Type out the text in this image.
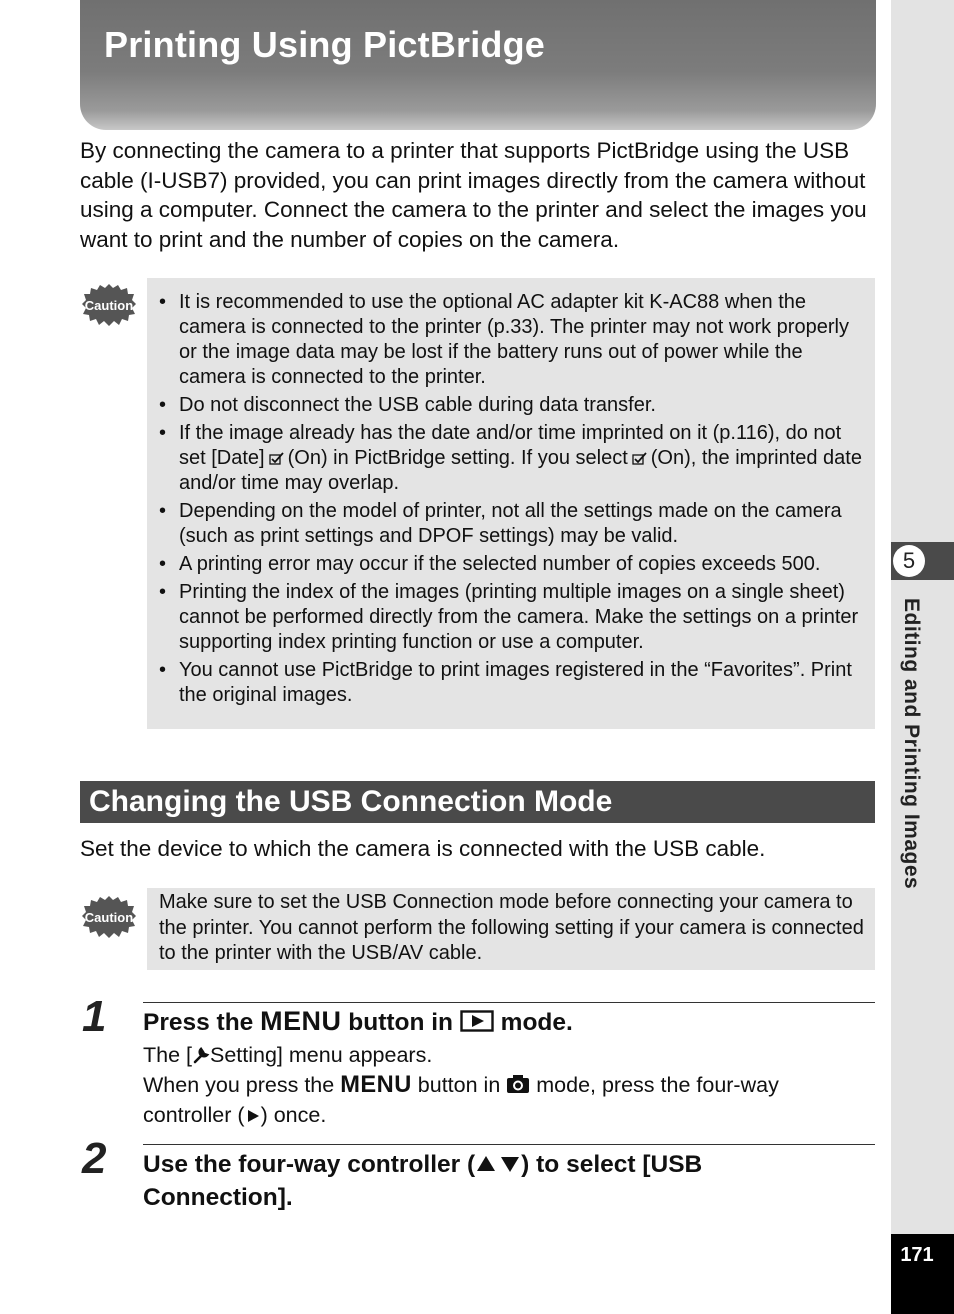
Printing Using PictBridge

By connecting the camera to a printer that supports PictBridge using the USB cable (I-USB7) provided, you can print images directly from the camera without using a computer. Connect the camera to the printer and select the images you want to print and the number of copies on the camera.

Caution
• It is recommended to use the optional AC adapter kit K-AC88 when the camera is connected to the printer (p.33). The printer may not work properly or the image data may be lost if the battery runs out of power while the camera is connected to the printer.
• Do not disconnect the USB cable during data transfer.
• If the image already has the date and/or time imprinted on it (p.116), do not set [Date] (On) in PictBridge setting. If you select (On), the imprinted date and/or time may overlap.
• Depending on the model of printer, not all the settings made on the camera (such as print settings and DPOF settings) may be valid.
• A printing error may occur if the selected number of copies exceeds 500.
• Printing the index of the images (printing multiple images on a single sheet) cannot be performed directly from the camera. Make the settings on a printer supporting index printing function or use a computer.
• You cannot use PictBridge to print images registered in the “Favorites”. Print the original images.
Changing the USB Connection Mode

Set the device to which the camera is connected with the USB cable.

Caution

Make sure to set the USB Connection mode before connecting your camera to the printer. You cannot perform the following setting if your camera is connected to the printer with the USB/AV cable.

1 Press the MENU button in mode.

The [ Setting] menu appears.
When you press the MENU button in mode, press the four-way
controller ( ) once.

2 Use the four-way controller ( ) to select [USB Connection].

5
Editing and Printing Images
171
